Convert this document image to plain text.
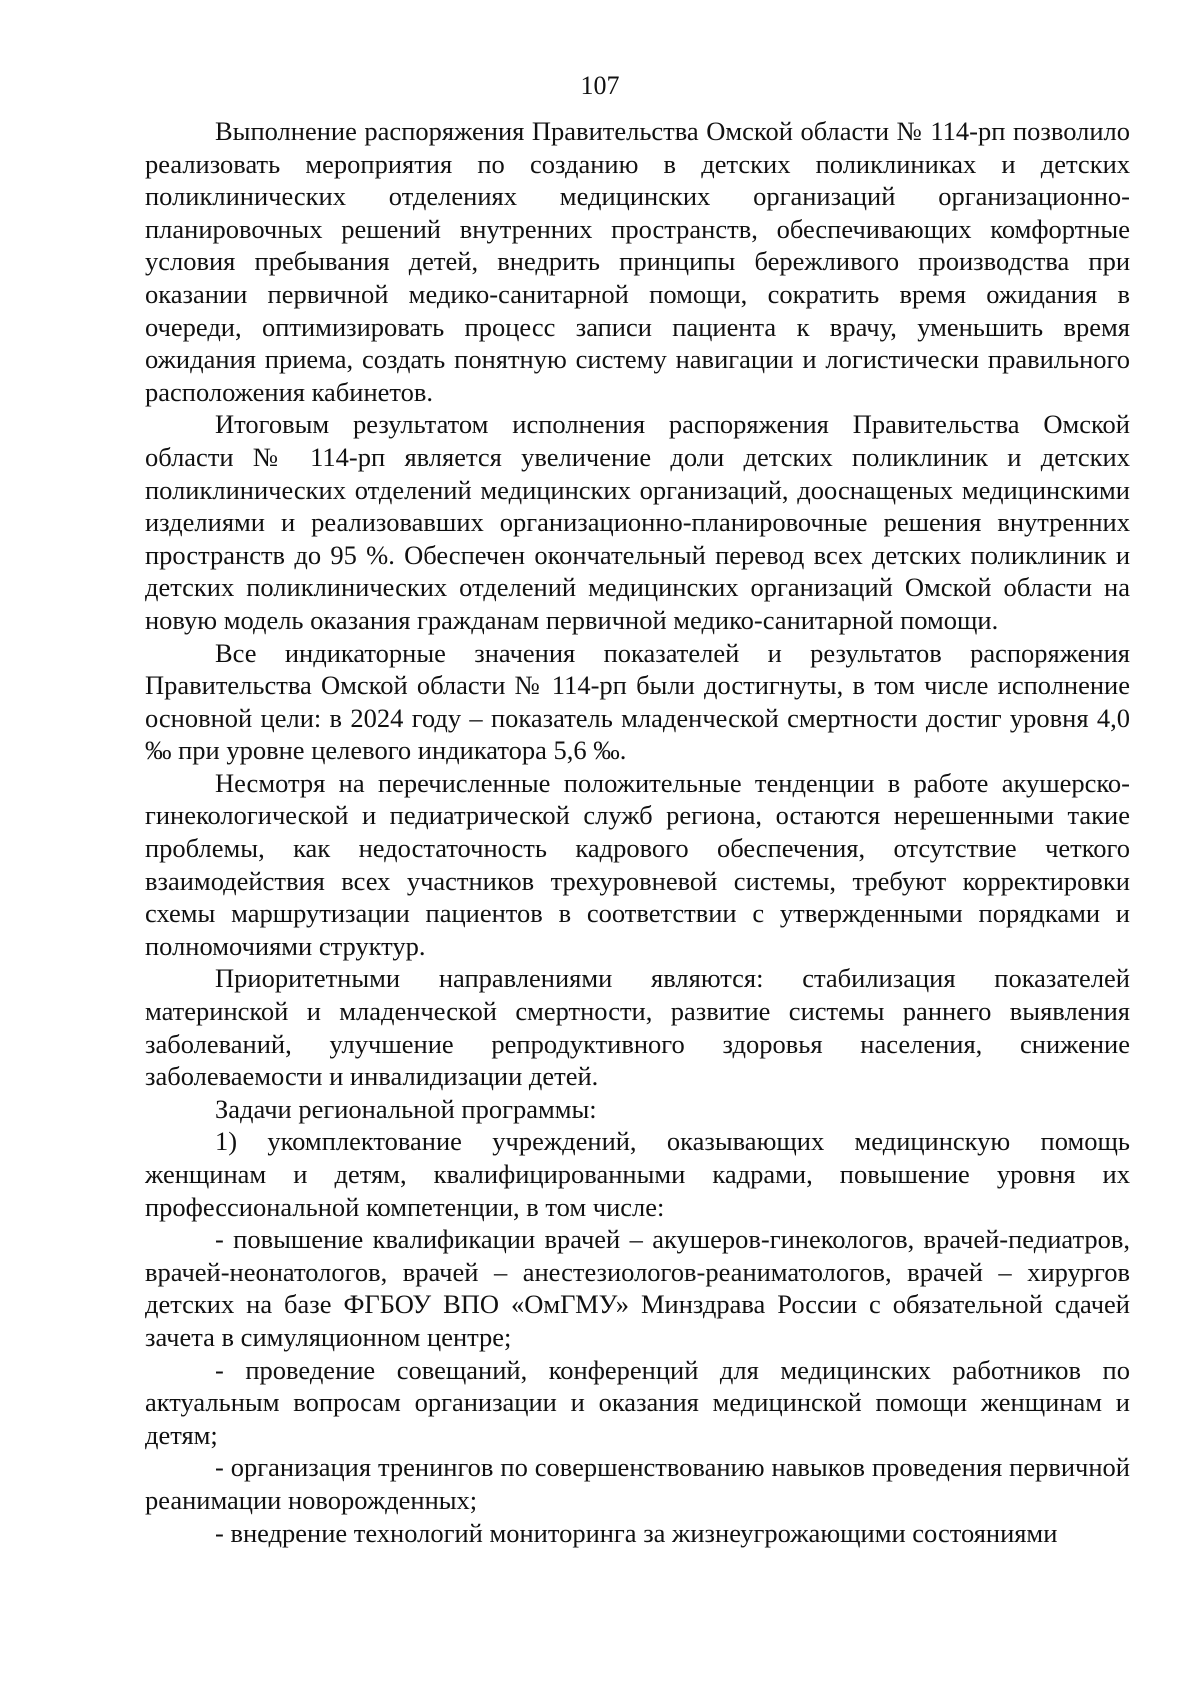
107

Выполнение распоряжения Правительства Омской области № 114-рп позволило реализовать мероприятия по созданию в детских поликлиниках и детских поликлинических отделениях медицинских организаций организационно-планировочных решений внутренних пространств, обеспечивающих комфортные условия пребывания детей, внедрить принципы бережливого производства при оказании первичной медико-санитарной помощи, сократить время ожидания в очереди, оптимизировать процесс записи пациента к врачу, уменьшить время ожидания приема, создать понятную систему навигации и логистически правильного расположения кабинетов.

Итоговым результатом исполнения распоряжения Правительства Омской области № 114-рп является увеличение доли детских поликлиник и детских поликлинических отделений медицинских организаций, дооснащеных медицинскими изделиями и реализовавших организационно-планировочные решения внутренних пространств до 95 %. Обеспечен окончательный перевод всех детских поликлиник и детских поликлинических отделений медицинских организаций Омской области на новую модель оказания гражданам первичной медико-санитарной помощи.

Все индикаторные значения показателей и результатов распоряжения Правительства Омской области № 114-рп были достигнуты, в том числе исполнение основной цели: в 2024 году – показатель младенческой смертности достиг уровня 4,0 ‰ при уровне целевого индикатора 5,6 ‰.

Несмотря на перечисленные положительные тенденции в работе акушерско-гинекологической и педиатрической служб региона, остаются нерешенными такие проблемы, как недостаточность кадрового обеспечения, отсутствие четкого взаимодействия всех участников трехуровневой системы, требуют корректировки схемы маршрутизации пациентов в соответствии с утвержденными порядками и полномочиями структур.

Приоритетными направлениями являются: стабилизация показателей материнской и младенческой смертности, развитие системы раннего выявления заболеваний, улучшение репродуктивного здоровья населения, снижение заболеваемости и инвалидизации детей.

Задачи региональной программы:

1) укомплектование учреждений, оказывающих медицинскую помощь женщинам и детям, квалифицированными кадрами, повышение уровня их профессиональной компетенции, в том числе:

- повышение квалификации врачей – акушеров-гинекологов, врачей-педиатров, врачей-неонатологов, врачей – анестезиологов-реаниматологов, врачей – хирургов детских на базе ФГБОУ ВПО «ОмГМУ» Минздрава России с обязательной сдачей зачета в симуляционном центре;

- проведение совещаний, конференций для медицинских работников по актуальным вопросам организации и оказания медицинской помощи женщинам и детям;

- организация тренингов по совершенствованию навыков проведения первичной реанимации новорожденных;

- внедрение технологий мониторинга за жизнеугрожающими состояниями
